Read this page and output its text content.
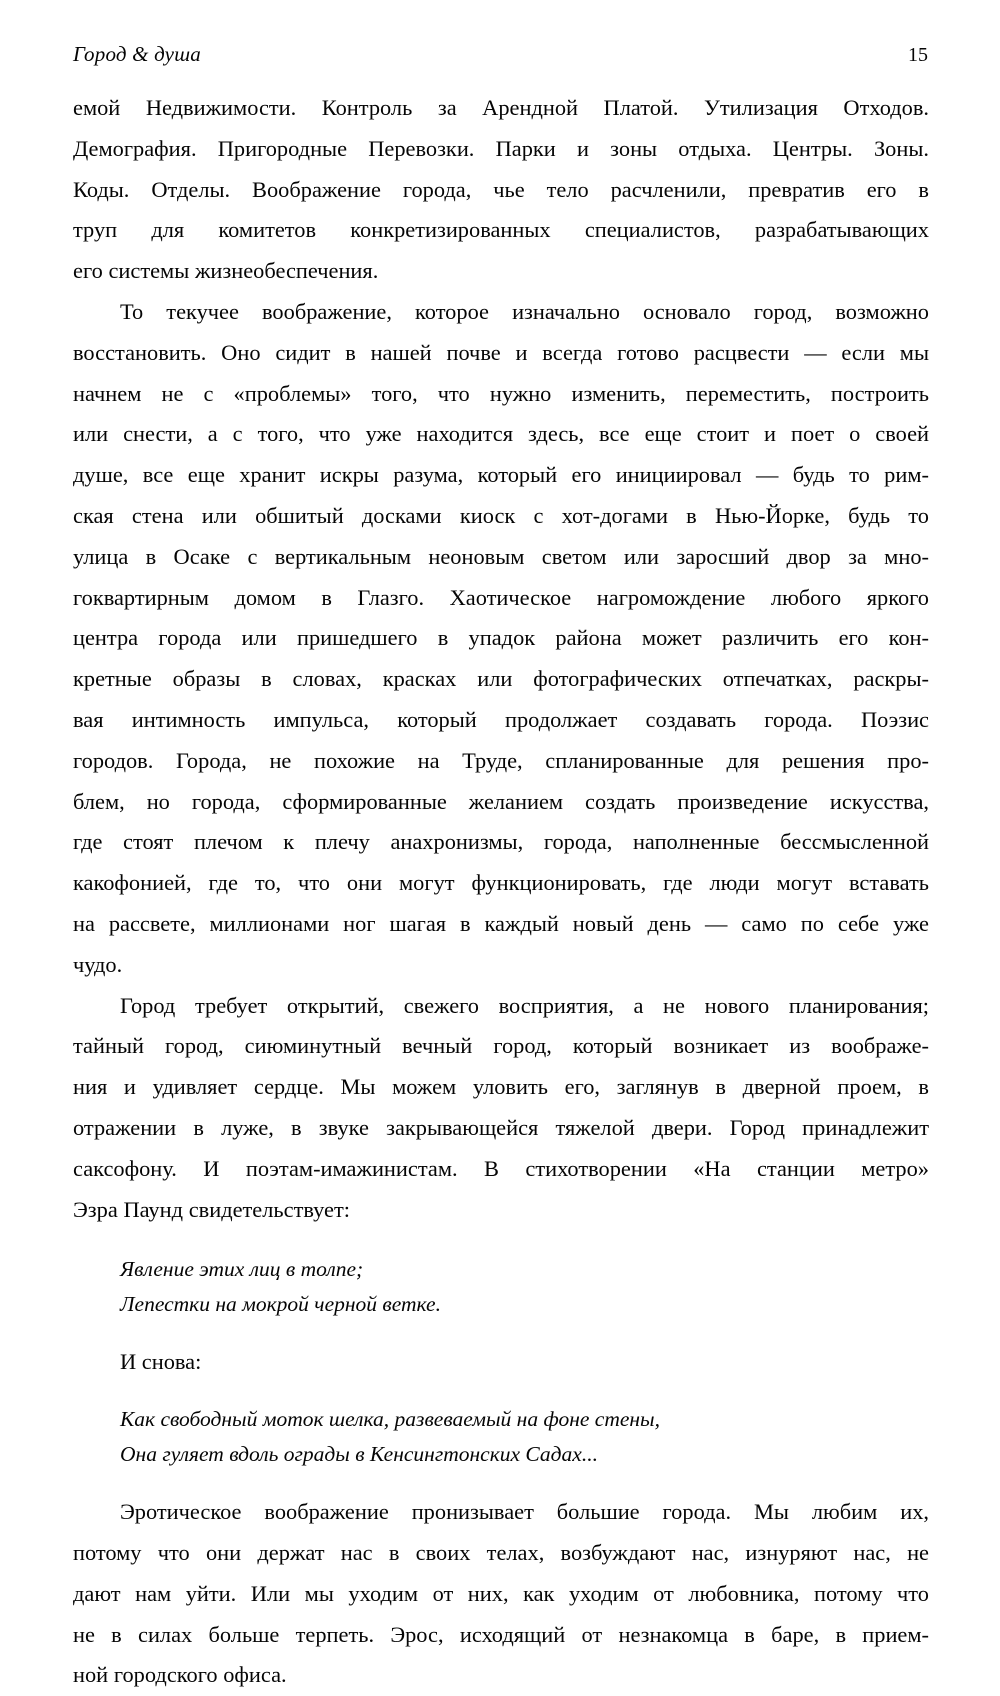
Город & душа	15

емой Недвижимости. Контроль за Арендной Платой. Утилизация Отходов.
Демография. Пригородные Перевозки. Парки и зоны отдыха. Центры. Зоны.
Коды. Отделы. Воображение города, чье тело расчленили, превратив его в
труп для комитетов конкретизированных специалистов, разрабатывающих
его системы жизнеобеспечения.

То текучее воображение, которое изначально основало город, возможно
восстановить. Оно сидит в нашей почве и всегда готово расцвести — если мы
начнем не с «проблемы» того, что нужно изменить, переместить, построить
или снести, а с того, что уже находится здесь, все еще стоит и поет о своей
душе, все еще хранит искры разума, который его инициировал — будь то рим-
ская стена или обшитый досками киоск с хот-догами в Нью-Йорке, будь то
улица в Осаке с вертикальным неоновым светом или заросший двор за мно-
гоквартирным домом в Глазго. Хаотическое нагромождение любого яркого
центра города или пришедшего в упадок района может различить его кон-
кретные образы в словах, красках или фотографических отпечатках, раскры-
вая интимность импульса, который продолжает создавать города. Поэзис
городов. Города, не похожие на Труде, спланированные для решения про-
блем, но города, сформированные желанием создать произведение искусства,
где стоят плечом к плечу анахронизмы, города, наполненные бессмысленной
какофонией, где то, что они могут функционировать, где люди могут вставать
на рассвете, миллионами ног шагая в каждый новый день — само по себе уже
чудо.

Город требует открытий, свежего восприятия, а не нового планирования;
тайный город, сиюминутный вечный город, который возникает из воображе-
ния и удивляет сердце. Мы можем уловить его, заглянув в дверной проем, в
отражении в луже, в звуке закрывающейся тяжелой двери. Город принадлежит
саксофону. И поэтам-имажинистам. В стихотворении «На станции метро»
Эзра Паунд свидетельствует:

Явление этих лиц в толпе;
Лепестки на мокрой черной ветке.

И снова:

Как свободный моток шелка, развеваемый на фоне стены,
Она гуляет вдоль ограды в Кенсингтонских Садах...

Эротическое воображение пронизывает большие города. Мы любим их,
потому что они держат нас в своих телах, возбуждают нас, изнуряют нас, не
дают нам уйти. Или мы уходим от них, как уходим от любовника, потому что
не в силах больше терпеть. Эрос, исходящий от незнакомца в баре, в прием-
ной городского офиса.
